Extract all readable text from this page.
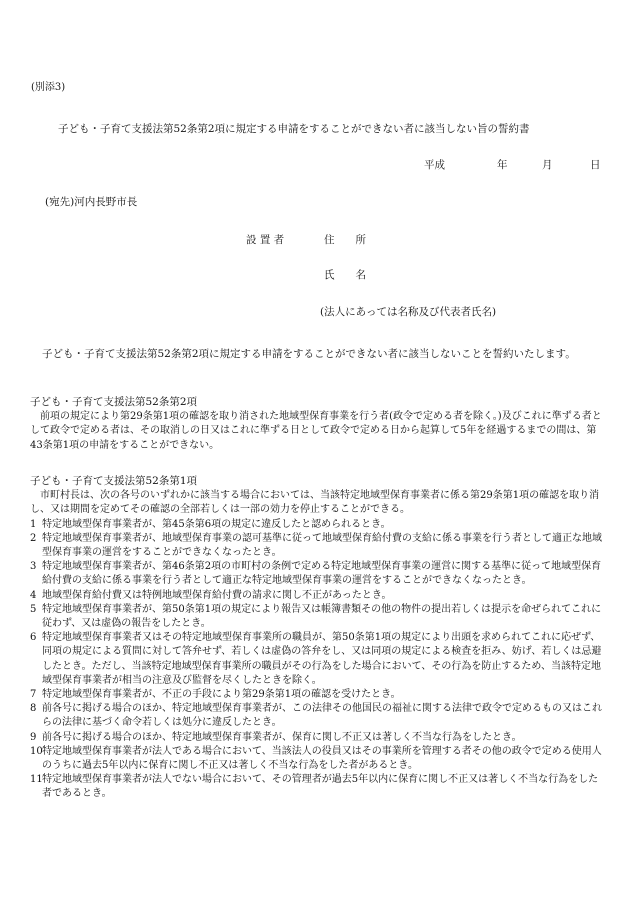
(別添3)
子ども・子育て支援法第52条第2項に規定する申請をすることができない者に該当しない旨の誓約書
平成	年	月	日
(宛先)河内長野市長
設 置 者	住　　所
氏　　名
(法人にあっては名称及び代表者氏名)
子ども・子育て支援法第52条第2項に規定する申請をすることができない者に該当しないことを誓約いたします。

子ども・子育て支援法第52条第2項

前項の規定により第29条第1項の確認を取り消された地域型保育事業を行う者(政令で定める者を除く。)及びこれに準ずる者として政令で定める者は、その取消しの日又はこれに準ずる日として政令で定める日から起算して5年を経過するまでの間は、第43条第1項の申請をすることができない。

子ども・子育て支援法第52条第1項

市町村長は、次の各号のいずれかに該当する場合においては、当該特定地域型保育事業者に係る第29条第1項の確認を取り消し、又は期間を定めてその確認の全部若しくは一部の効力を停止することができる。

1 特定地域型保育事業者が、第45条第6項の規定に違反したと認められるとき。
2 特定地域型保育事業者が、地域型保育事業の認可基準に従って地域型保育給付費の支給に係る事業を行う者として適正な地域型保育事業の運営をすることができなくなったとき。
3 特定地域型保育事業者が、第46条第2項の市町村の条例で定める特定地域型保育事業の運営に関する基準に従って地域型保育給付費の支給に係る事業を行う者として適正な特定地域型保育事業の運営をすることができなくなったとき。
4 地域型保育給付費又は特例地域型保育給付費の請求に関し不正があったとき。
5 特定地域型保育事業者が、第50条第1項の規定により報告又は帳簿書類その他の物件の提出若しくは提示を命ぜられてこれに従わず、又は虚偽の報告をしたとき。
6 特定地域型保育事業者又はその特定地域型保育事業所の職員が、第50条第1項の規定により出頭を求められてこれに応ぜず、同項の規定による質問に対して答弁せず、若しくは虚偽の答弁をし、又は同項の規定による検査を拒み、妨げ、若しくは忌避したとき。ただし、当該特定地域型保育事業所の職員がその行為をした場合において、その行為を防止するため、当該特定地域型保育事業者が相当の注意及び監督を尽くしたときを除く。
7 特定地域型保育事業者が、不正の手段により第29条第1項の確認を受けたとき。
8 前各号に掲げる場合のほか、特定地域型保育事業者が、この法律その他国民の福祉に関する法律で政令で定めるもの又はこれらの法律に基づく命令若しくは処分に違反したとき。
9 前各号に掲げる場合のほか、特定地域型保育事業者が、保育に関し不正又は著しく不当な行為をしたとき。
10特定地域型保育事業者が法人である場合において、当該法人の役員又はその事業所を管理する者その他の政令で定める使用人のうちに過去5年以内に保育に関し不正又は著しく不当な行為をした者があるとき。
11特定地域型保育事業者が法人でない場合において、その管理者が過去5年以内に保育に関し不正又は著しく不当な行為をした者であるとき。
